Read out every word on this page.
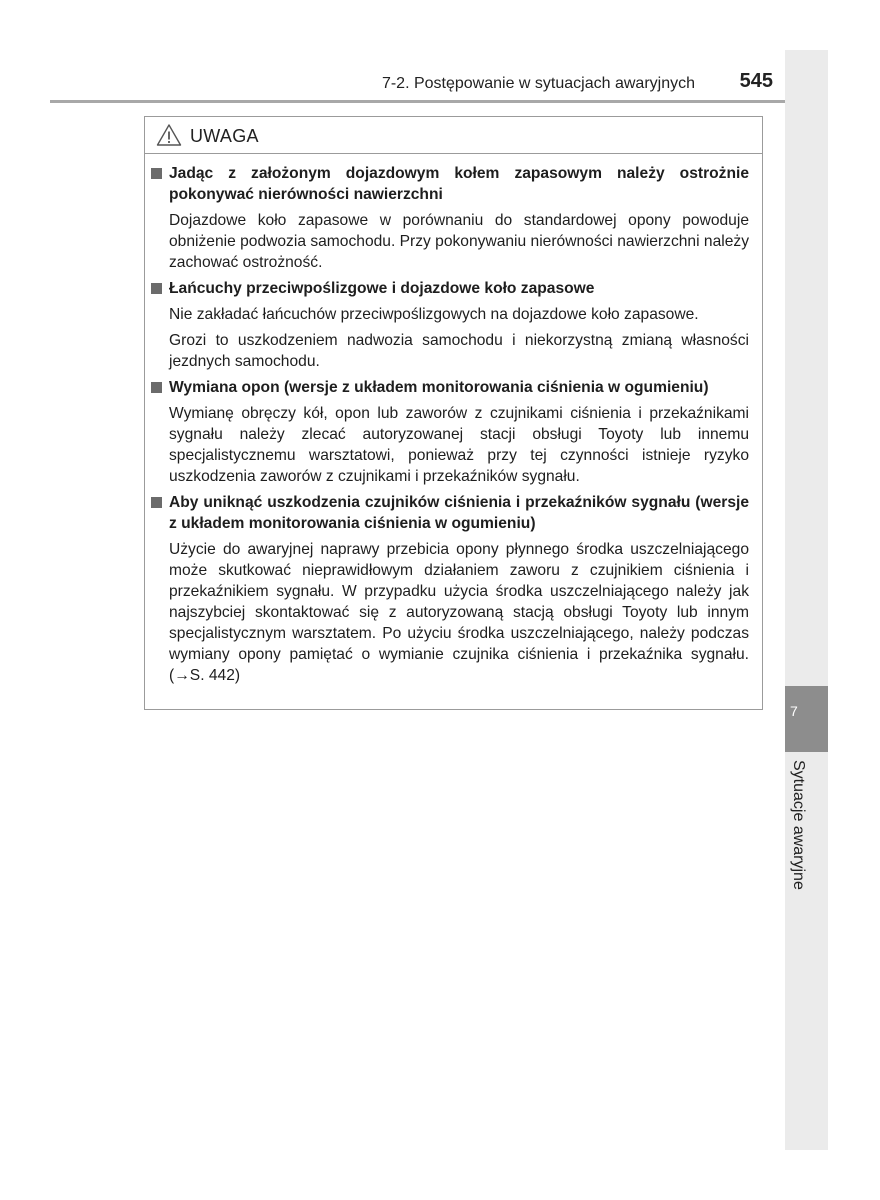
7-2. Postępowanie w sytuacjach awaryjnych 545
7
Sytuacje awaryjne
UWAGA
Jadąc z założonym dojazdowym kołem zapasowym należy ostrożnie pokonywać nierówności nawierzchni
Dojazdowe koło zapasowe w porównaniu do standardowej opony powoduje obniżenie podwozia samochodu. Przy pokonywaniu nierówności nawierzchni należy zachować ostrożność.
Łańcuchy przeciwpoślizgowe i dojazdowe koło zapasowe
Nie zakładać łańcuchów przeciwpoślizgowych na dojazdowe koło zapasowe.
Grozi to uszkodzeniem nadwozia samochodu i niekorzystną zmianą własności jezdnych samochodu.
Wymiana opon (wersje z układem monitorowania ciśnienia w ogumieniu)
Wymianę obręczy kół, opon lub zaworów z czujnikami ciśnienia i przekaźnikami sygnału należy zlecać autoryzowanej stacji obsługi Toyoty lub innemu specjalistycznemu warsztatowi, ponieważ przy tej czynności istnieje ryzyko uszkodzenia zaworów z czujnikami i przekaźników sygnału.
Aby uniknąć uszkodzenia czujników ciśnienia i przekaźników sygnału (wersje z układem monitorowania ciśnienia w ogumieniu)
Użycie do awaryjnej naprawy przebicia opony płynnego środka uszczelniającego może skutkować nieprawidłowym działaniem zaworu z czujnikiem ciśnienia i przekaźnikiem sygnału. W przypadku użycia środka uszczelniającego należy jak najszybciej skontaktować się z autoryzowaną stacją obsługi Toyoty lub innym specjalistycznym warsztatem. Po użyciu środka uszczelniającego, należy podczas wymiany opony pamiętać o wymianie czujnika ciśnienia i przekaźnika sygnału. (→S. 442)
